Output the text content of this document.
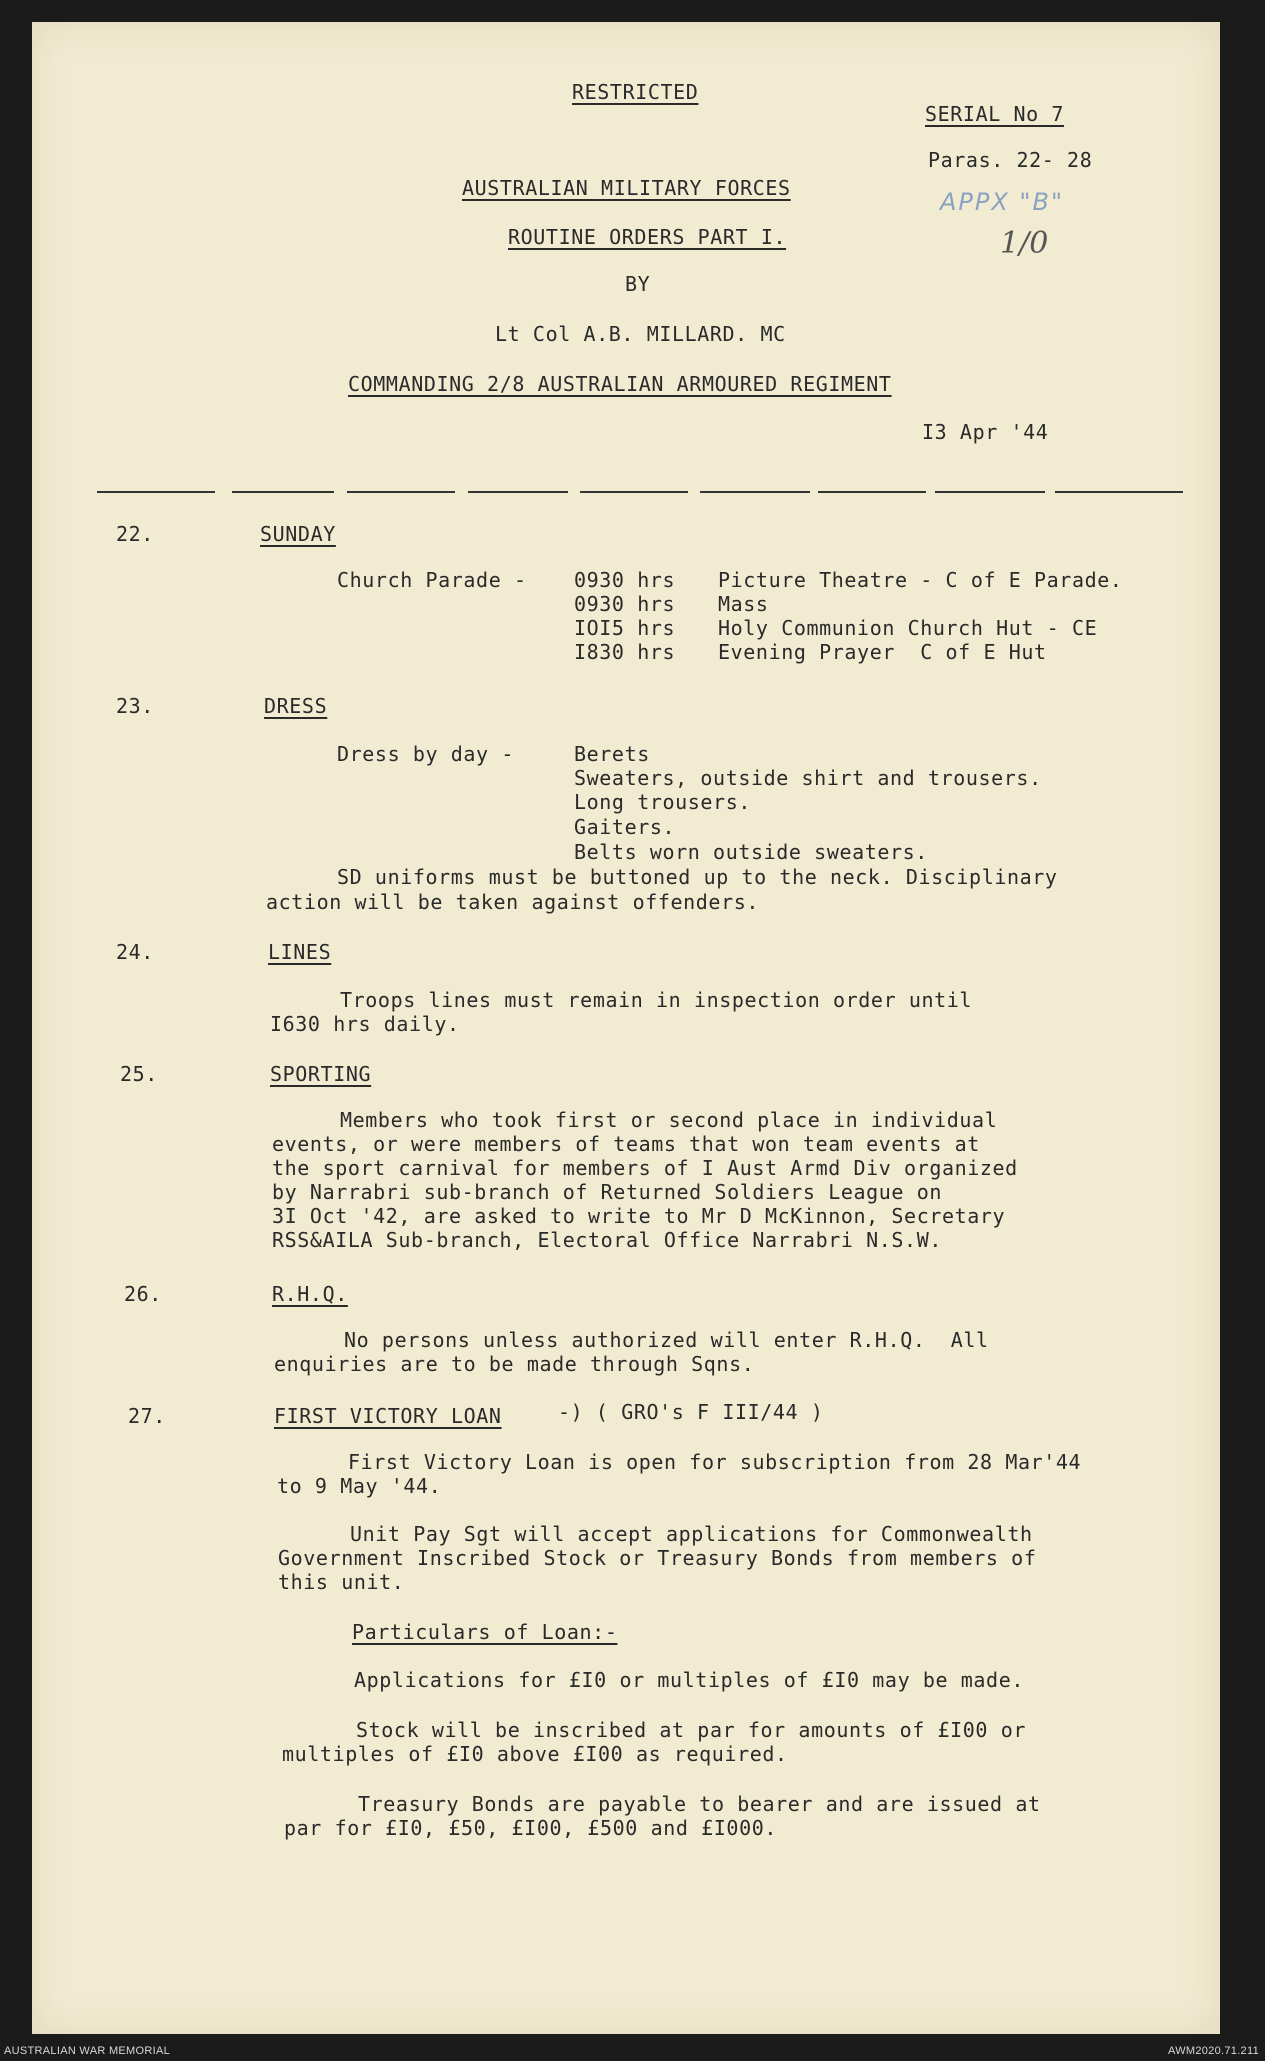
RESTRICTED
SERIAL No 7
Paras. 22- 28
APPX "B"
1/0
AUSTRALIAN MILITARY FORCES
ROUTINE ORDERS PART I.
BY
Lt Col A.B. MILLARD. MC
COMMANDING 2/8 AUSTRALIAN ARMOURED REGIMENT
I3 Apr '44
22.	SUNDAY
Church Parade - 0930 hrs Picture Theatre - C of E Parade.
0930 hrs Mass
IOI5 hrs Holy Communion Church Hut - CE
I830 hrs Evening Prayer  C of E Hut
23.	DRESS
Dress by day -	Berets
Sweaters, outside shirt and trousers.
Long trousers.
Gaiters.
Belts worn outside sweaters.
SD uniforms must be buttoned up to the neck. Disciplinary
action will be taken against offenders.
24.	LINES
Troops lines must remain in inspection order until
I630 hrs daily.
25.	SPORTING
Members who took first or second place in individual
events, or were members of teams that won team events at
the sport carnival for members of I Aust Armd Div organized
by Narrabri sub-branch of Returned Soldiers League on
3I Oct '42, are asked to write to Mr D McKinnon, Secretary
RSS&AILA Sub-branch, Electoral Office Narrabri N.S.W.
26.	R.H.Q.
No persons unless authorized will enter R.H.Q.  All
enquiries are to be made through Sqns.
27.	FIRST VICTORY LOAN	-) ( GRO's F III/44 )
First Victory Loan is open for subscription from 28 Mar'44
to 9 May '44.
Unit Pay Sgt will accept applications for Commonwealth
Government Inscribed Stock or Treasury Bonds from members of
this unit.
Particulars of Loan:-
Applications for £I0 or multiples of £I0 may be made.
Stock will be inscribed at par for amounts of £I00 or
multiples of £I0 above £I00 as required.
Treasury Bonds are payable to bearer and are issued at
par for £I0, £50, £I00, £500 and £I000.
AUSTRALIAN WAR MEMORIAL	AWM2020.71.211
